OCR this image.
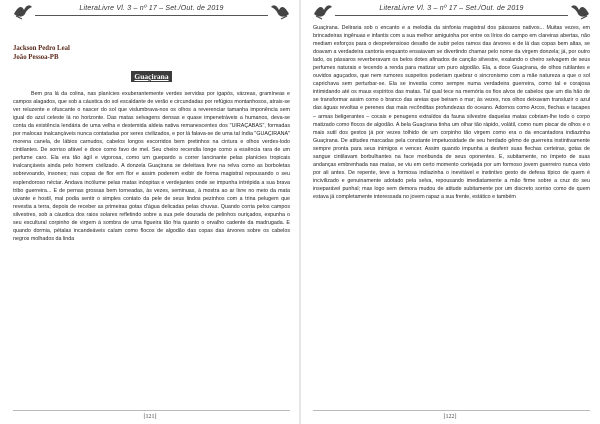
LiteraLivre Vl. 3 – nº 17 – Set./Out. de 2019
Jackson Pedro Leal
João Pessoa-PB
Guaçirana

Bem pra lá da colina, nas planícies exuberantemente verdes servidas por igapós, várzeas, gramíneas e campos alagados, que sob a cáustica do sol escaldante de verão e circundadas por refúgios montanhosos, atrais-se ver reluzente e ofuscante o nascer do sol que vislumbrava-nos os olhos a reverenciar tamanha imponência sem igual do azul celeste lá no horizonte. Das matas selvagens densas e quase impenetráveis a humanos, deva-se conta da existência lendária de uma velha e destemida aldeia nativa remanescentes dos "UIRAÇABAS", formadas por malocas inalcançáveis nunca contatadas por seres civilizados, e por lá falava-se de uma tal índia "GUAÇIRANA" morena canela, de lábios carnudos, cabelos longos escorridos bem pretinhos na cintura e olhos verdes-lodo cintilantes. De sorriso afável e doce como favo de mel. Seu cheiro recendia longe como a essência rara de um perfume caro. Ela era tão ágil e vigorosa, como um guepardo a correr lancinante pelas planícies tropicais inalcançáveis ainda pelo homem civilizado. A donzela Guaçirana se deleitava livre na relva como as borboletas sobrevoando, insones; nas copas de flor em flor e assim poderem exibir de forma magistral repousando o seu esplendoroso néctar. Andava incólume pelas matas inóspitas e verdejantes onde se impunha intrépida a sua brava tribo guerreira... E de pernas grossas bem torneadas, às vezes, seminuas, à mostra ao ar livre no meio da mata uivante e hostil, mal podia sentir o simples contato da pele de seus lindos pezinhos com a trina pelugem que revestia a terra, depois de receber as primeiras gotas d'água delicadas pelas chuvas. Quando corria pelos campos silvestres, sob a cáustica dos raios solares refletindo sobre a sua pele dourada de pelinhos ouriçados, expunha o seu escultural corpinho de virgem à sombra de uma figueira tão fria quanto o orvalho cadente da madrugada. E quando dormia, pétalas incandeáveis caíam como flocos de algodão das copas das árvores sobre os cabelos negros molhados da linda

[121]
LiteraLivre Vl. 3 – nº 17 – Set./Out. de 2019

Guaçirana. Deliraria sob o encanto e a melodia da sinfonia magistral dos pássaros nativos... Muitas vezes, em brincadeiras ingênuas e infantis com a sua melhor amiguinha por entre os lírios do campo em clareiras abertas, não mediam esforços para o despretensioso desafio de subir pelos ramos das árvores e de lá das copas bem altas, se doavam a verdadeira cantoria enquanto ensaiavam se divertindo chamar pelo nome da virgem donzela; já, por outro lado, os pássaros reverberavam os belos dotes afinados de canção silvestre, exalando o cheiro selvagem de seus perfumes naturais e tecendo a renda para matizar um puro algodão. Ela, a doce Guaçirana, de olhos rutilantes e ouvidos aguçados, que nem rumores suspeitos poderiam quebrar o sincronismo com a mãe natureza a que o sol caprichava sem perturbar-se. Ela se investia como sempre numa verdadeira guerreira, como tal e corajosa intimidando até os maus espíritos das matas. Tal qual tece na memória os fios alvos de cabelos que um dia hão de se transformar assim como o branco das areias que beiram o mar; às vezes, nos olhos deixavam transluzir o azul das águas revoltas e perenes das mais recônditas profundezas do oceano. Adornos como Arcos, flechas e tacapes – armas beligerantes – cocais e penugens extraídos da fauna silvestre daquelas matas cobriam-lhe todo o corpo matizado como flocos de algodão. A bela Guaçirana tinha um olhar tão rápido, volátil, como num piscar de olhos e o mais sutil dos gestos já por vezes tolhido de um corpinho tão virgem como era o da encantadora indiazinha Guaçirana. De atitudes marcadas pela constante impetuosidade de seu herdado gêmo de guerreira instintivamente sempre pronta para seus inimigos e vencer. Assim quando impunha a desferir suas flechas certeiras, gotas de sangue cintilavam borbulhantes na face moribunda de seus oponentes. E, subitamente, no ímpeto de suas andanças embrenhada nas matas, se viu em certo momento cortejada por um formoso jovem guerreiro nunca visto por ali antes. De repente, teve a formosa indiazinha o inevitável e instintivo gesto de defesa típico de quem é incivilizado e genuinamente adotado pela selva, repousando imediatamente a mão firme sobre a cruz do seu inseparável punhal; mas logo sem demora mudou de atitude subitamente por um discreto sorriso como de quem estava já completamente interessada no jovem rapaz a sua frente, estático e também

[122]
